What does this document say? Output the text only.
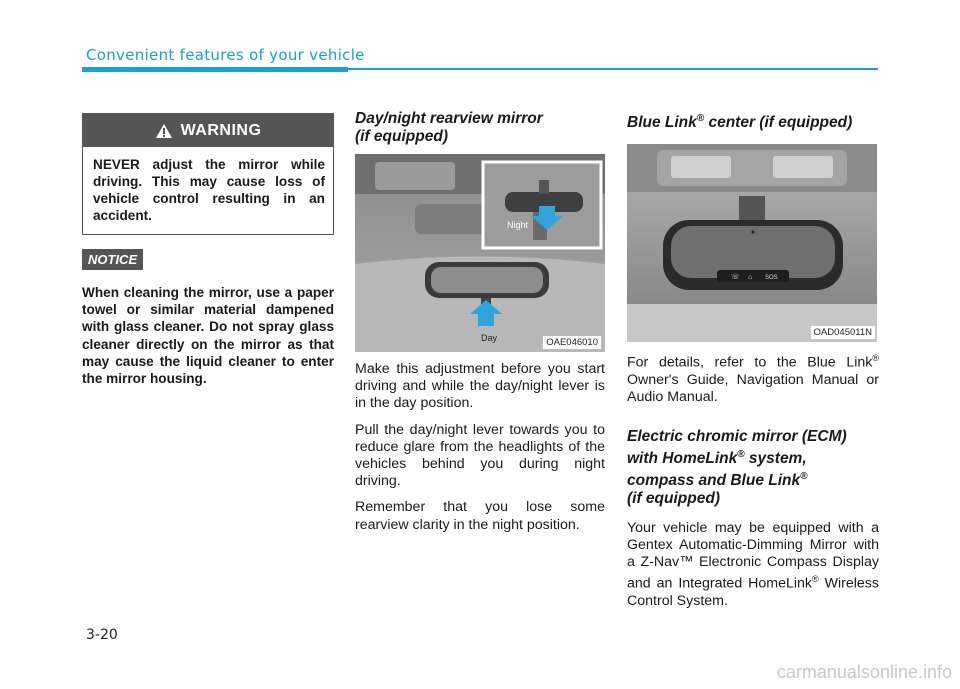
Convenient features of your vehicle
WARNING
NEVER adjust the mirror while driving. This may cause loss of vehicle control resulting in an accident.
NOTICE
When cleaning the mirror, use a paper towel or similar material dampened with glass cleaner. Do not spray glass cleaner directly on the mirror as that may cause the liquid cleaner to enter the mirror housing.

Day/night rearview mirror
(if equipped)

Night
Day	OAE046010

Make this adjustment before you start driving and while the day/night lever is in the day position.

Pull the day/night lever towards you to reduce glare from the headlights of the vehicles behind you during night driving.

Remember that you lose some rearview clarity in the night position.

Blue Link® center (if equipped)

☏ ⌂ SOS
OAD045011N

For details, refer to the Blue Link® Owner's Guide, Navigation Manual or Audio Manual.

Electric chromic mirror (ECM)
with HomeLink® system,
compass and Blue Link®
(if equipped)

Your vehicle may be equipped with a Gentex Automatic-Dimming Mirror with a Z-Nav™ Electronic Compass Display and an Integrated HomeLink® Wireless Control System.

3-20
carmanualsonline.info
